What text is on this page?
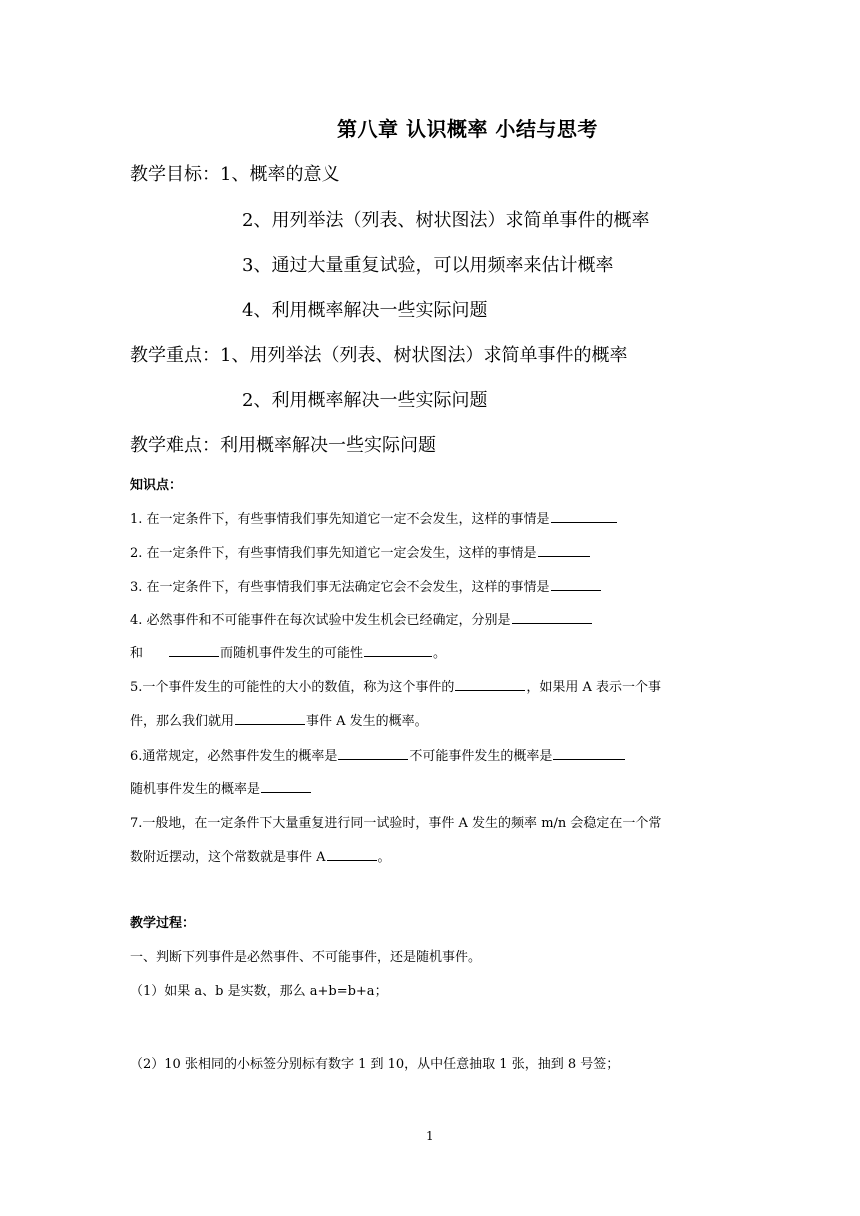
第八章 认识概率 小结与思考
教学目标：1、概率的意义
2、用列举法（列表、树状图法）求简单事件的概率
3、通过大量重复试验，可以用频率来估计概率
4、利用概率解决一些实际问题
教学重点：1、用列举法（列表、树状图法）求简单事件的概率
2、利用概率解决一些实际问题
教学难点：利用概率解决一些实际问题
知识点：
1. 在一定条件下，有些事情我们事先知道它一定不会发生，这样的事情是
2. 在一定条件下，有些事情我们事先知道它一定会发生，这样的事情是
3. 在一定条件下，有些事情我们事无法确定它会不会发生，这样的事情是
4. 必然事件和不可能事件在每次试验中发生机会已经确定，分别是
和	而随机事件发生的可能性	。
5.一个事件发生的可能性的大小的数值，称为这个事件的	，如果用 A 表示一个事
件，那么我们就用	事件 A 发生的概率。
6.通常规定，必然事件发生的概率是	不可能事件发生的概率是
随机事件发生的概率是
7.一般地，在一定条件下大量重复进行同一试验时，事件 A 发生的频率 m/n 会稳定在一个常
数附近摆动，这个常数就是事件 A	。
教学过程：
一、判断下列事件是必然事件、不可能事件，还是随机事件。
（1）如果 a、b 是实数，那么 a+b=b+a；
（2）10 张相同的小标签分别标有数字 1 到 10，从中任意抽取 1 张，抽到 8 号签；
1
